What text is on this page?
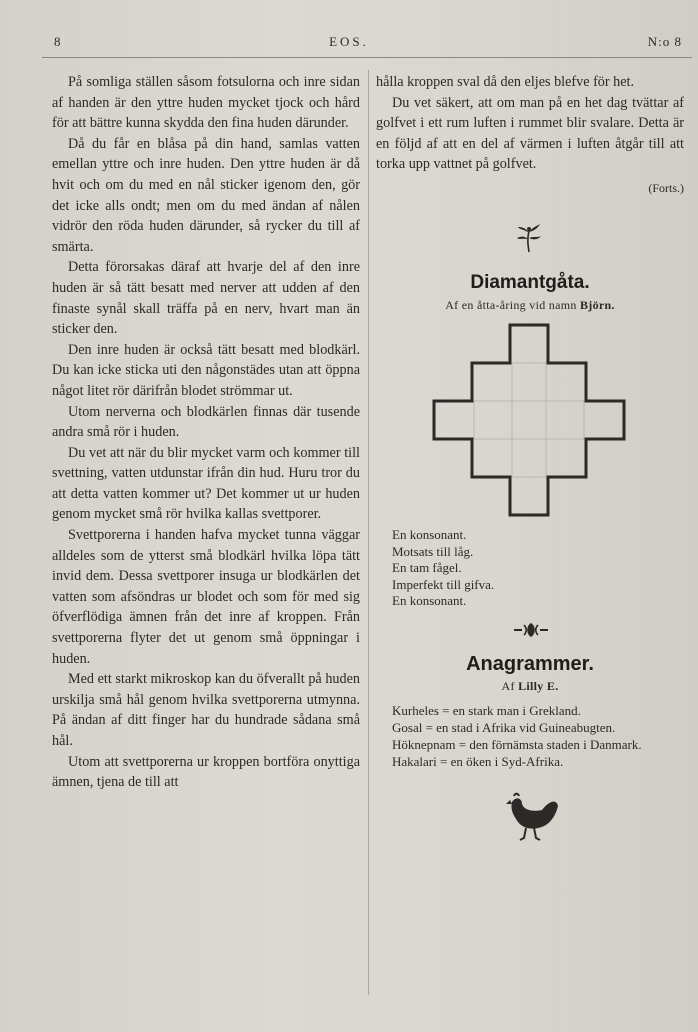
8	EOS.	N:o 8

På somliga ställen såsom fotsulorna och inre sidan af handen är den yttre huden mycket tjock och hård för att bättre kunna skydda den fina huden därunder.

Då du får en blåsa på din hand, samlas vatten emellan yttre och inre huden. Den yttre huden är då hvit och om du med en nål sticker igenom den, gör det icke alls ondt; men om du med ändan af nålen vidrör den röda huden därunder, så rycker du till af smärta.

Detta förorsakas däraf att hvarje del af den inre huden är så tätt besatt med nerver att udden af den finaste synål skall träffa på en nerv, hvart man än sticker den.

Den inre huden är också tätt besatt med blodkärl. Du kan icke sticka uti den någonstädes utan att öppna något litet rör därifrån blodet strömmar ut.

Utom nerverna och blodkärlen finnas där tusende andra små rör i huden.

Du vet att när du blir mycket varm och kommer till svettning, vatten utdunstar ifrån din hud. Huru tror du att detta vatten kommer ut? Det kommer ut ur huden genom mycket små rör hvilka kallas svettporer.

Svettporerna i handen hafva mycket tunna väggar alldeles som de ytterst små blodkärl hvilka löpa tätt invid dem. Dessa svettporer insuga ur blodkärlen det vatten som afsöndras ur blodet och som för med sig öfverflödiga ämnen från det inre af kroppen. Från svettporerna flyter det ut genom små öppningar i huden.

Med ett starkt mikroskop kan du öfverallt på huden urskilja små hål genom hvilka svettporerna utmynna. På ändan af ditt finger har du hundrade sådana små hål.

Utom att svettporerna ur kroppen bortföra onyttiga ämnen, tjena de till att

hålla kroppen sval då den eljes blefve för het.

Du vet säkert, att om man på en het dag tvättar af golfvet i ett rum luften i rummet blir svalare. Detta är en följd af att en del af värmen i luften åtgår till att torka upp vattnet på golfvet.

(Forts.)

Diamantgåta.

Af en åtta-åring vid namn Björn.

En konsonant.
Motsats till låg.
En tam fågel.
Imperfekt till gifva.
En konsonant.

Anagrammer.

Af Lilly E.

Kurheles = en stark man i Grekland.
Gosal = en stad i Afrika vid Guineabugten.
Höknepnam = den förnämsta staden i Danmark.
Hakalari = en öken i Syd-Afrika.
